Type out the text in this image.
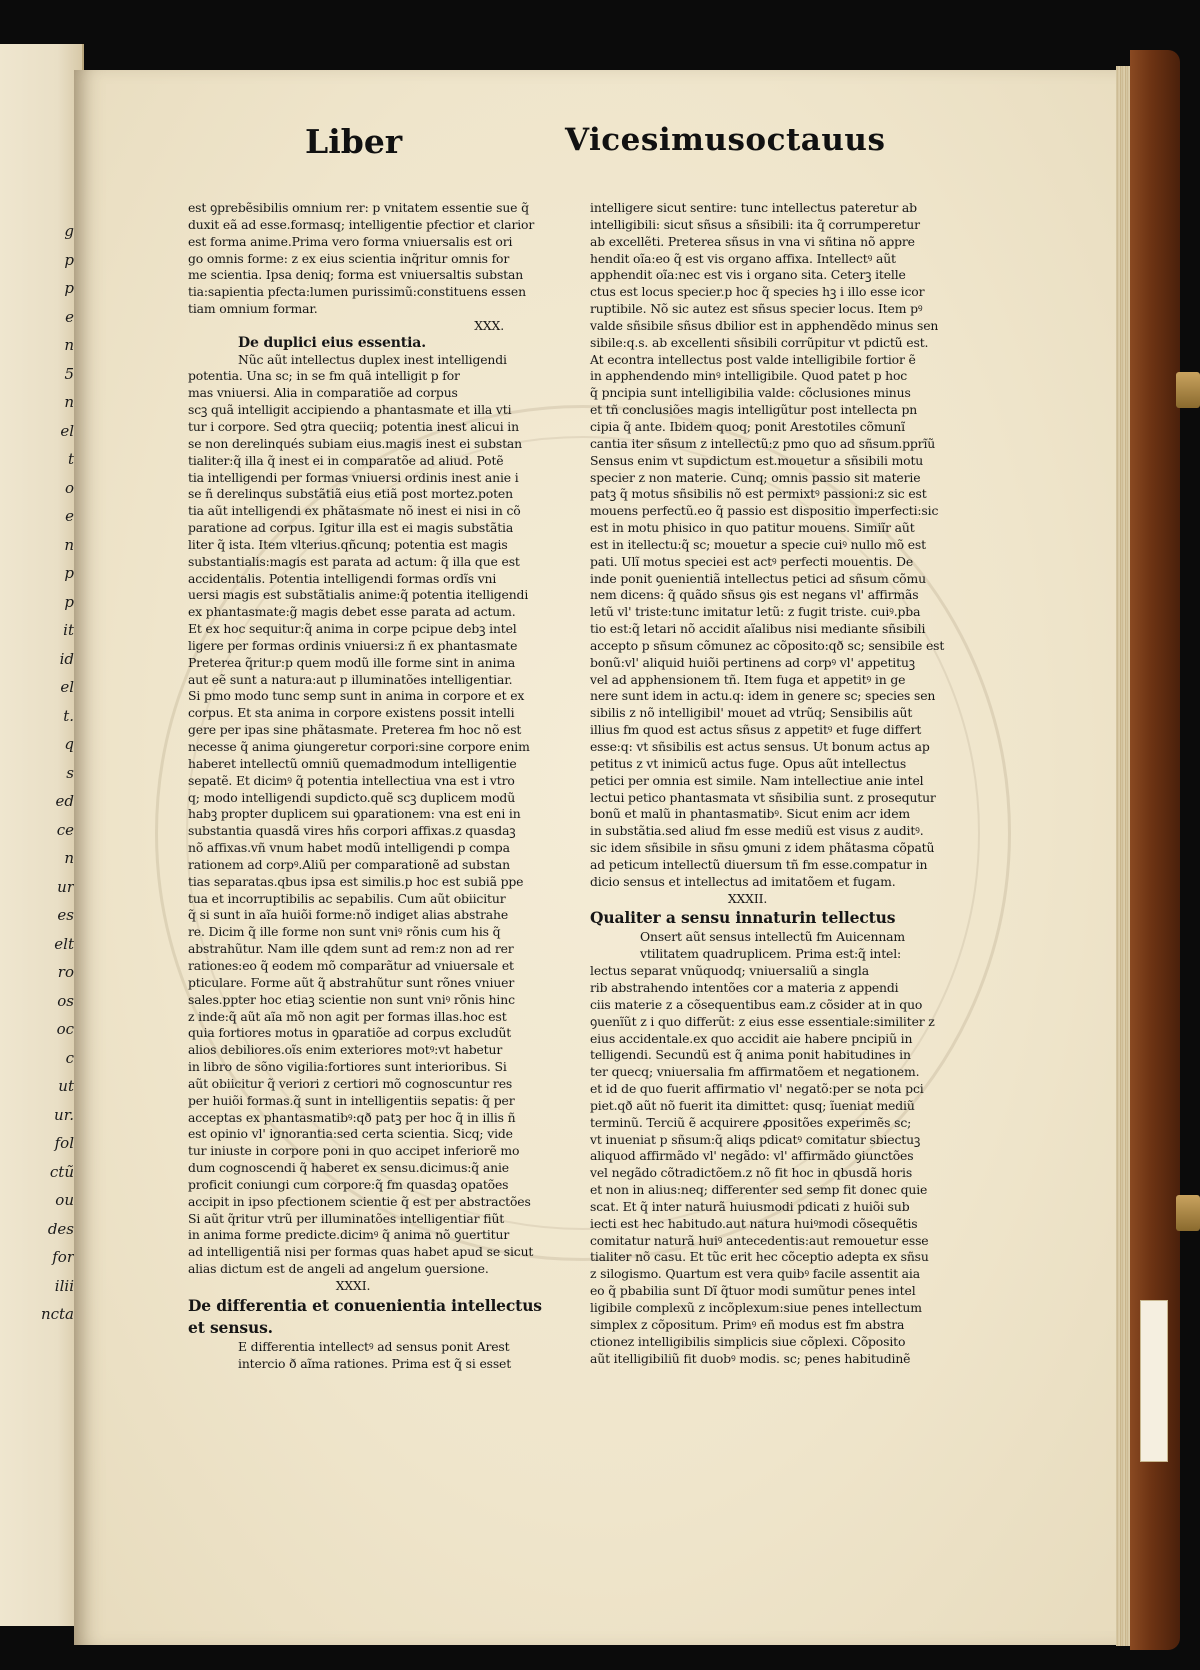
g
p
p
e
n
5
n
el
t
o
e
n
p
p
it
id
el
t.
q
s
ed
ce
n
ur
es
elt
ro
os
oc
c
ut
ur.
fol
ctũ
ou
des
for
ilii
ncta
Liber	Vicesimusoctauus
est ꝯprebẽsibilis omnium rer: p vnitatem essentie sue q̃
duxit eã ad esse.formasq; intelligentie pfectior et clarior
est forma anime.Prima vero forma vniuersalis est ori
go omnis forme: z ex eius scientia inq̃ritur omnis for
me scientia. Ipsa deniq; forma est vniuersaltis substan
tia:sapientia pfecta:lumen purissimũ:constituens essen
tiam omnium formar.
XXX.
De duplici eius essentia.
Nũc aũt intellectus duplex inest intelligendi
potentia. Una sc; in se fm quã intelligit p for
mas vniuersi. Alia in comparatiõe ad corpus
scꝫ quã intelligit accipiendo a phantasmate et illa vti
tur i corpore. Sed ꝯtra queciiq; potentia inest alicui in
se non derelinqués subiam eius.magis inest ei substan
tialiter:q̃ illa q̃ inest ei in comparatõe ad aliud. Potẽ
tia intelligendi per formas vniuersi ordinis inest anie i
se ñ derelinqus substãtiã eius etiã post mortez.poten
tia aũt intelligendi ex phãtasmate nõ inest ei nisi in cõ
paratione ad corpus. Igitur illa est ei magis substãtia
liter q̃ ista. Item vlterius.qñcunq; potentia est magis
substantialis:magis est parata ad actum: q̃ illa que est
accidentalis. Potentia intelligendi formas ordĩs vni
uersi magis est substãtialis anime:q̃ potentia itelligendi
ex phantasmate:g̃ magis debet esse parata ad actum.
Et ex hoc sequitur:q̃ anima in corpe pcipue debꝫ intel
ligere per formas ordinis vniuersi:z ñ ex phantasmate
Preterea q̃ritur:p quem modũ ille forme sint in anima
aut eẽ sunt a natura:aut p illuminatões intelligentiar.
Si pmo modo tunc semp sunt in anima in corpore et ex
corpus. Et sta anima in corpore existens possit intelli
gere per ipas sine phãtasmate. Preterea fm hoc nõ est
necesse q̃ anima ꝯiungeretur corpori:sine corpore enim
haberet intellectũ omniũ quemadmodum intelligentie
sepatẽ. Et dicimꝰ q̃ potentia intellectiua vna est i vtro
q; modo intelligendi supdicto.quẽ scꝫ duplicem modũ
habꝫ propter duplicem sui ꝯparationem: vna est eni in
substantia quasdã vires hñs corpori affixas.z quasdaꝫ
nõ affixas.vñ vnum habet modũ intelligendi p compa
rationem ad corpꝰ.Aliũ per comparationẽ ad substan
tias separatas.qbus ipsa est similis.p hoc est subiã ppe
tua et incorruptibilis ac sepabilis. Cum aũt obiicitur
q̃ si sunt in aĩa huiõi forme:nõ indiget alias abstrahe
re. Dicim q̃ ille forme non sunt vniꝰ rõnis cum his q̃
abstrahũtur. Nam ille qdem sunt ad rem:z non ad rer
rationes:eo q̃ eodem mõ comparãtur ad vniuersale et
pticulare. Forme aũt q̃ abstrahũtur sunt rõnes vniuer
sales.ppter hoc etiaꝫ scientie non sunt vniꝰ rõnis hinc
z inde:q̃ aũt aĩa mõ non agit per formas illas.hoc est
quia fortiores motus in ꝯparatiõe ad corpus excludũt
alios debiliores.oĩs enim exteriores motꝰ:vt habetur
in libro de sõno vigilia:fortiores sunt interioribus. Si
aũt obiicitur q̃ veriori z certiori mõ cognoscuntur res
per huiõi formas.q̃ sunt in intelligentiis sepatis: q̃ per
acceptas ex phantasmatibꝰ:qð patꝫ per hoc q̃ in illis ñ
est opinio vl' ignorantia:sed certa scientia. Sicq; vide
tur iniuste in corpore poni in quo accipet inferiorẽ mo
dum cognoscendi q̃ haberet ex sensu.dicimus:q̃ anie
proficit coniungi cum corpore:q̃ fm quasdaꝫ opatões
accipit in ipso pfectionem scientie q̃ est per abstractões
Si aũt q̃ritur vtrũ per illuminatões intelligentiar fiũt
in anima forme predicte.dicimꝰ q̃ anima nõ ꝯuertitur
ad intelligentiã nisi per formas quas habet apud se sicut
alias dictum est de angeli ad angelum ꝯuersione.
XXXI.
De differentia et conuenientia intellectus
et sensus.
E differentia intellectꝰ ad sensus ponit Arest
intercio ð aĩma rationes. Prima est q̃ si esset
intelligere sicut sentire: tunc intellectus pateretur ab
intelligibili: sicut sñsus a sñsibili: ita q̃ corrumperetur
ab excellẽti. Preterea sñsus in vna vi sñtina nõ appre
hendit oĩa:eo q̃ est vis organo affixa. Intellectꝰ aũt
apphendit oĩa:nec est vis i organo sita. Ceterꝫ itelle
ctus est locus specier.p hoc q̃ species hꝫ i illo esse icor
ruptibile. Nõ sic autez est sñsus specier locus. Item pꝰ
valde sñsibile sñsus dbilior est in apphendẽdo minus sen
sibile:q.s. ab excellenti sñsibili corrũpitur vt pdictũ est.
At econtra intellectus post valde intelligibile fortior ẽ
in apphendendo minꝰ intelligibile. Quod patet p hoc
q̃ pncipia sunt intelligibilia valde: cõclusiones minus
et tñ conclusiões magis intelligũtur post intellecta pn
cipia q̃ ante. Ibidem quoq; ponit Arestotiles cõmunĩ
cantia iter sñsum z intellectũ:z pmo quo ad sñsum.pprĩũ
Sensus enim vt supdictum est.mouetur a sñsibili motu
specier z non materie. Cunq; omnis passio sit materie
patꝫ q̃ motus sñsibilis nõ est permixtꝰ passioni:z sic est
mouens perfectũ.eo q̃ passio est dispositio imperfecti:sic
est in motu phisico in quo patitur mouens. Simiĩr aũt
est in itellectu:q̃ sc; mouetur a specie cuiꝰ nullo mõ est
pati. Ulĩ motus speciei est actꝰ perfecti mouentis. De
inde ponit ꝯuenientiã intellectus petici ad sñsum cõmu
nem dicens: q̃ quãdo sñsus ꝯis est negans vl' affirmãs
letũ vl' triste:tunc imitatur letũ: z fugit triste. cuiꝰ.pba
tio est:q̃ letari nõ accidit aĩalibus nisi mediante sñsibili
accepto p sñsum cõmunez ac cõposito:qð sc; sensibile est
bonũ:vl' aliquid huiõi pertinens ad corpꝰ vl' appetituꝫ
vel ad apphensionem tñ. Item fuga et appetitꝰ in ge
nere sunt idem in actu.q: idem in genere sc; species sen
sibilis z nõ intelligibil' mouet ad vtrũq; Sensibilis aũt
illius fm quod est actus sñsus z appetitꝰ et fuge differt
esse:q: vt sñsibilis est actus sensus. Ut bonum actus ap
petitus z vt inimicũ actus fuge. Opus aũt intellectus
petici per omnia est simile. Nam intellectiue anie intel
lectui petico phantasmata vt sñsibilia sunt. z prosequtur
bonũ et malũ in phantasmatibꝰ. Sicut enim acr idem
in substãtia.sed aliud fm esse mediũ est visus z auditꝰ.
sic idem sñsibile in sñsu ꝯmuni z idem phãtasma cõpatũ
ad peticum intellectũ diuersum tñ fm esse.compatur in
dicio sensus et intellectus ad imitatõem et fugam.
XXXII.
Qualiter a sensu innaturin tellectus
Onsert aũt sensus intellectũ fm Auicennam
vtilitatem quadruplicem. Prima est:q̃ intel:
lectus separat vnũquodq; vniuersaliũ a singla
rib abstrahendo intentões cor a materia z appendi
ciis materie z a cõsequentibus eam.z cõsider at in quo
ꝯuenĩũt z i quo differũt: z eius esse essentiale:similiter z
eius accidentale.ex quo accidit aie habere pncipiũ in
telligendi. Secundũ est q̃ anima ponit habitudines in
ter quecq; vniuersalia fm affirmatõem et negationem.
et id de quo fuerit affirmatio vl' negatõ:per se nota pci
piet.qð aũt nõ fuerit ita dimittet: qusq; ĩueniat mediũ
terminũ. Terciũ ẽ acquirere ꝓpositões experimẽs sc;
vt inueniat p sñsum:q̃ aliqs pdicatꝰ comitatur sbiectuꝫ
aliquod affirmãdo vl' negãdo: vl' affirmãdo ꝯiunctões
vel negãdo cõtradictõem.z nõ fit hoc in qbusdã horis
et non in alius:neq; differenter sed semp fit donec quie
scat. Et q̃ inter naturã huiusmodi pdicati z huiõi sub
iecti est hec habitudo.aut natura huiꝰmodi cõsequẽtis
comitatur naturã huiꝰ antecedentis:aut remouetur esse
tialiter nõ casu. Et tũc erit hec cõceptio adepta ex sñsu
z silogismo. Quartum est vera quibꝰ facile assentit aia
eo q̃ pbabilia sunt Dĩ q̃tuor modi sumũtur penes intel
ligibile complexũ z incõplexum:siue penes intellectum
simplex z cõpositum. Primꝰ eñ modus est fm abstra
ctionez intelligibilis simplicis siue cõplexi. Cõposito
aũt itelligibiliũ fit duobꝰ modis. sc; penes habitudinẽ
